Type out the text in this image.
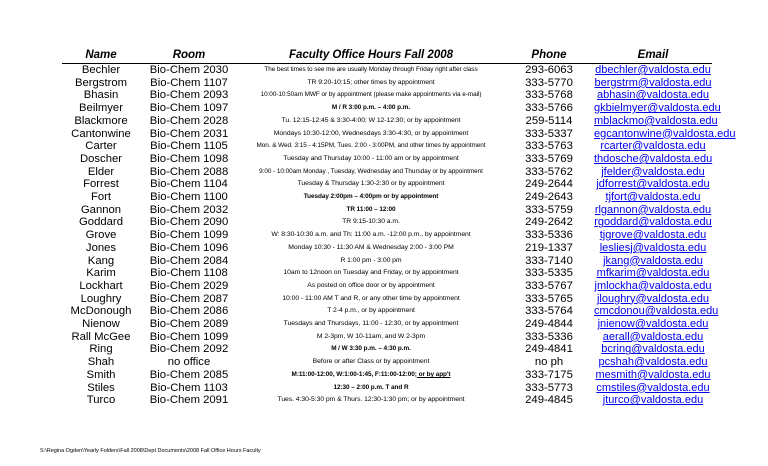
Name	Room	Faculty Office Hours Fall 2008	Phone	Email
Bechler	Bio-Chem 2030	The best times to see me are usually Monday through Friday right after class	293-6063	dbechler@valdosta.edu
Bergstrom	Bio-Chem 1107	TR 9:20-10:15; other times by appointment	333-5770	bergstrm@valdosta.edu
Bhasin	Bio-Chem 2093	10:00-10:50am MWF or by appointment (please make appointments via e-mail)	333-5768	abhasin@valdosta.edu
Beilmyer	Bio-Chem 1097	M / R 3:00 p.m. – 4:00 p.m.	333-5766	gkbielmyer@valdosta.edu
Blackmore	Bio-Chem 2028	Tu. 12:15-12:45 & 3:30-4:00; W 12-12:30; or by appointment	259-5114	mblackmo@valdosta.edu
Cantonwine	Bio-Chem 2031	Mondays 10:30-12:00, Wednesdays 3:30-4:30, or by appointment	333-5337	egcantonwine@valdosta.edu
Carter	Bio-Chem 1105	Mon. & Wed. 3:15 - 4:15PM, Tues. 2:00 - 3:00PM, and other times by appointment	333-5763	rcarter@valdosta.edu
Doscher	Bio-Chem 1098	Tuesday and Thursday 10:00 - 11:00 am or by appointment	333-5769	thdosche@valdosta.edu
Elder	Bio-Chem 2088	9:00 - 10:00am Monday , Tuesday, Wednesday and Thursday or by appointment	333-5762	jfelder@valdosta.edu
Forrest	Bio-Chem 1104	Tuesday & Thursday 1:30-2:30 or by appointment	249-2644	jdforrest@valdosta.edu
Fort	Bio-Chem 1100	Tuesday 2:00pm – 4:00pm or by appointment	249-2643	tjfort@valdosta.edu
Gannon	Bio-Chem 2032	TR 11:00 – 12:00	333-5759	rlgannon@valdosta.edu
Goddard	Bio-Chem 2090	TR 9:15-10:30 a.m.	249-2642	rgoddard@valdosta.edu
Grove	Bio-Chem 1099	W: 8:30-10:30 a.m. and Th: 11:00 a.m. -12:00 p.m., by appointment	333-5336	tjgrove@valdosta.edu
Jones	Bio-Chem 1096	Monday 10:30 - 11:30 AM & Wednesday 2:00 - 3:00 PM	219-1337	lesliesj@valdosta.edu
Kang	Bio-Chem 2084	R 1:00 pm - 3:00 pm	333-7140	jkang@valdosta.edu
Karim	Bio-Chem 1108	10am to 12noon on Tuesday and Friday, or by appointment	333-5335	mfkarim@valdosta.edu
Lockhart	Bio-Chem 2029	As posted on office door or by appointment	333-5767	jmlockha@valdosta.edu
Loughry	Bio-Chem 2087	10:00 - 11:00 AM T and R, or any other time by appointment	333-5765	jloughry@valdosta.edu
McDonough	Bio-Chem 2086	T 2-4 p.m., or by appointment	333-5764	cmcdonou@valdosta.edu
Nienow	Bio-Chem 2089	Tuesdays and Thursdays, 11:00 - 12:30, or by appointment	249-4844	jnienow@valdosta.edu
Rall McGee	Bio-Chem 1099	M 2-3pm, W 10-11am, and W 2-3pm	333-5336	aerall@valdosta.edu
Ring	Bio-Chem 2092	M / W 3:30 p.m. – 4:30 p.m.	249-4841	bcring@valdosta.edu
Shah	no office	Before or after Class or by appointment	no ph	pcshah@valdosta.edu
Smith	Bio-Chem 2085	M:11:00-12:00, W:1:00-1:45, F:11:00-12:00; or by app't	333-7175	mesmith@valdosta.edu
Stiles	Bio-Chem 1103	12:30 – 2:00 p.m. T and R	333-5773	cmstiles@valdosta.edu
Turco	Bio-Chem 2091	Tues. 4:30-5:30 pm & Thurs. 12:30-1:30 pm; or by appointment	249-4845	jturco@valdosta.edu
S:\Regina Ogden\Yearly Folders\Fall 2008\Dept Documents\2008 Fall Office Hours Faculty
